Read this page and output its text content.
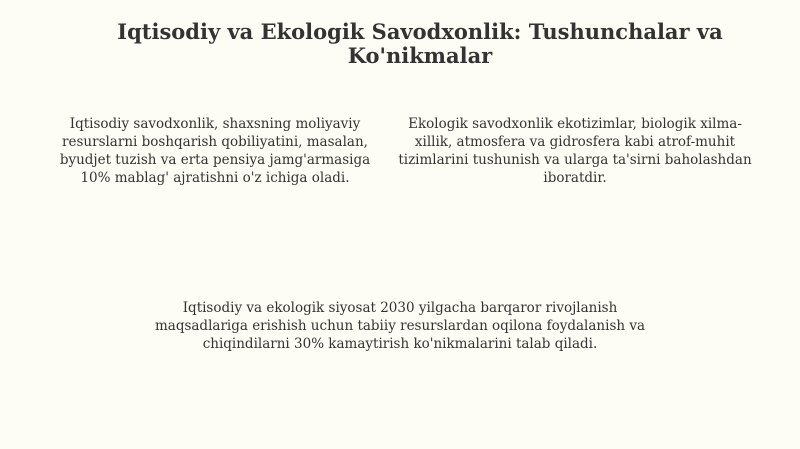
Iqtisodiy va Ekologik Savodxonlik: Tushunchalar va Ko'nikmalar

Iqtisodiy savodxonlik, shaxsning moliyaviy resurslarni boshqarish qobiliyatini, masalan, byudjet tuzish va erta pensiya jamg'armasiga 10% mablag' ajratishni o'z ichiga oladi.

Ekologik savodxonlik ekotizimlar, biologik xilma-xillik, atmosfera va gidrosfera kabi atrof-muhit tizimlarini tushunish va ularga ta'sirni baholashdan iboratdir.

Iqtisodiy va ekologik siyosat 2030 yilgacha barqaror rivojlanish maqsadlariga erishish uchun tabiiy resurslardan oqilona foydalanish va chiqindilarni 30% kamaytirish ko'nikmalarini talab qiladi.
